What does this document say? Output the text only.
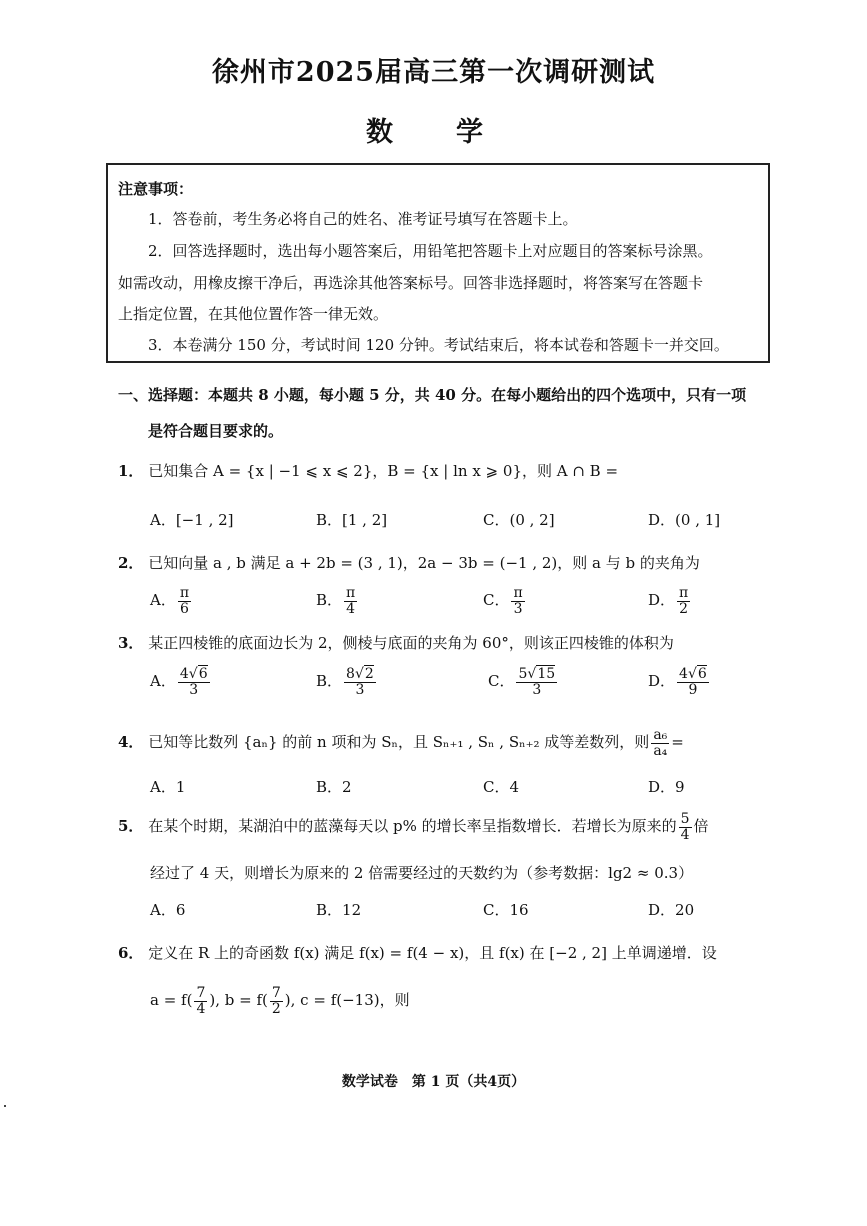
徐州市2025届高三第一次调研测试
数　学
注意事项：
1．答卷前，考生务必将自己的姓名、准考证号填写在答题卡上。
2．回答选择题时，选出每小题答案后，用铅笔把答题卡上对应题目的答案标号涂黑。
如需改动，用橡皮擦干净后，再选涂其他答案标号。回答非选择题时，将答案写在答题卡
上指定位置，在其他位置作答一律无效。
3．本卷满分 150 分，考试时间 120 分钟。考试结束后，将本试卷和答题卡一并交回。
一、选择题：本题共 8 小题，每小题 5 分，共 40 分。在每小题给出的四个选项中，只有一项
是符合题目要求的。
1． 已知集合 A = {x | −1 ⩽ x ⩽ 2}，B = {x | ln x ⩾ 0}，则 A ∩ B =
A．[−1 , 2]	B．[1 , 2]	C．(0 , 2]	D．(0 , 1]
2． 已知向量 a , b 满足 a + 2b = (3 , 1)，2a − 3b = (−1 , 2)，则 a 与 b 的夹角为
A． $\frac{\pi}{6}$	B． $\frac{\pi}{4}$	C． $\frac{\pi}{3}$	D． $\frac{\pi}{2}$
3． 某正四棱锥的底面边长为 2，侧棱与底面的夹角为 60°，则该正四棱锥的体积为
A． $\frac{4√6}{3}$	B． $\frac{8√2}{3}$	C． $\frac{5√15}{3}$	D． $\frac{4√6}{9}$
4． 已知等比数列 {aₙ} 的前 n 项和为 Sₙ，且 Sₙ₊₁ , Sₙ , Sₙ₊₂ 成等差数列，则 $\frac{\text{a₆}}{\text{a₄}}$ =
A．1	B．2	C．4	D．9
5． 在某个时期，某湖泊中的蓝藻每天以 p% 的增长率呈指数增长．若增长为原来的 $\frac{5}{4}$ 倍
经过了 4 天，则增长为原来的 2 倍需要经过的天数约为（参考数据：lg2 ≈ 0.3）
A．6	B．12	C．16	D．20
6． 定义在 R 上的奇函数 f(x) 满足 f(x) = f(4 − x)，且 f(x) 在 [−2 , 2] 上单调递增．设
$a = f( \frac{7}{4}$ ), $b = f( \frac{7}{2}$ ), c = f(−13)，则
数学试卷　第 1 页（共4页）
